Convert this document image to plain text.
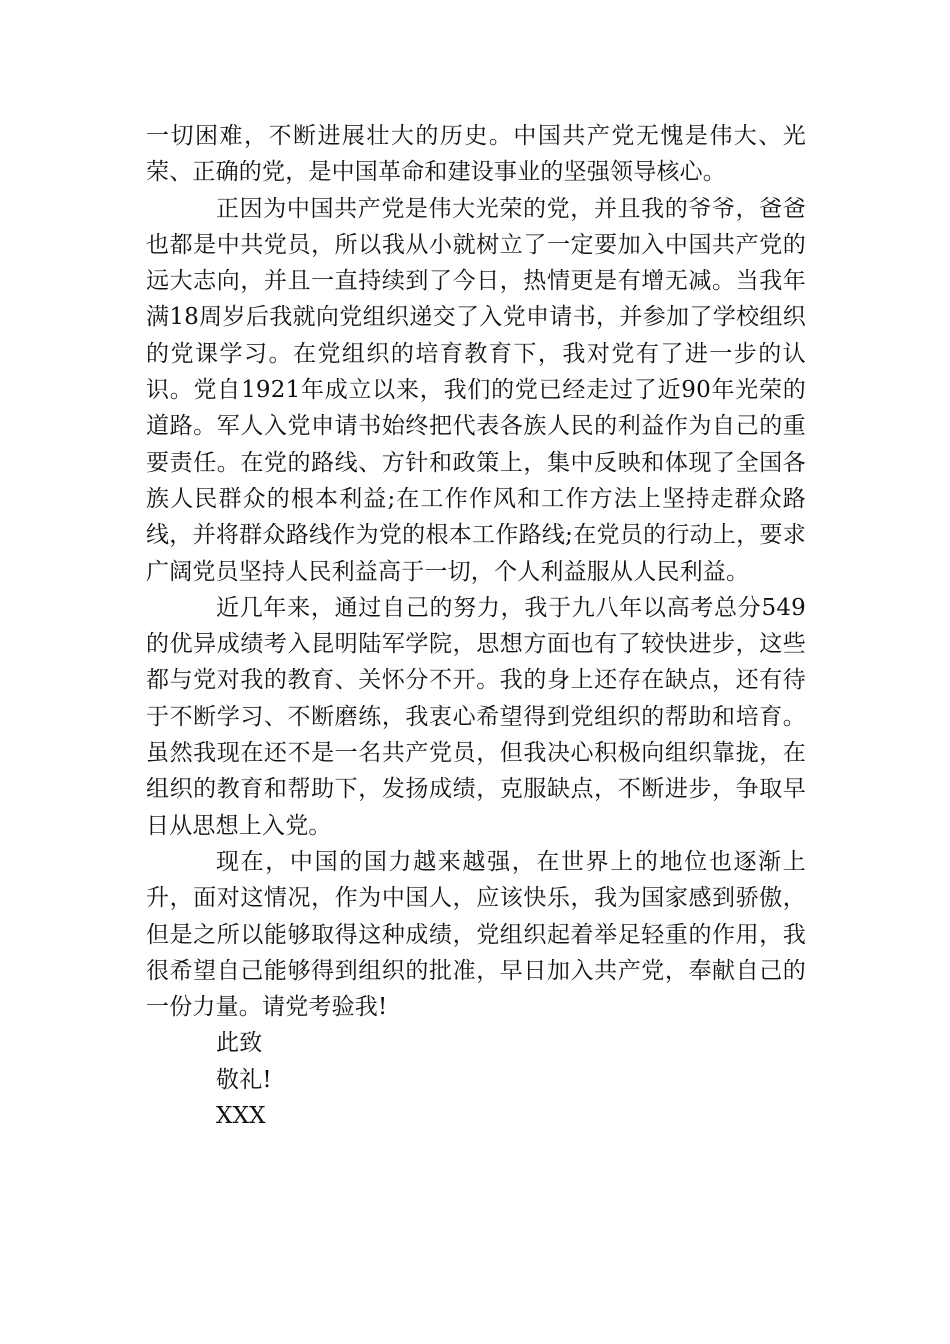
一切困难，不断进展壮大的历史。中国共产党无愧是伟大、光荣、正确的党，是中国革命和建设事业的坚强领导核心。

正因为中国共产党是伟大光荣的党，并且我的爷爷，爸爸也都是中共党员，所以我从小就树立了一定要加入中国共产党的远大志向，并且一直持续到了今日，热情更是有增无减。当我年满18周岁后我就向党组织递交了入党申请书，并参加了学校组织的党课学习。在党组织的培育教育下，我对党有了进一步的认识。党自1921年成立以来，我们的党已经走过了近90年光荣的道路。军人入党申请书始终把代表各族人民的利益作为自己的重要责任。在党的路线、方针和政策上，集中反映和体现了全国各族人民群众的根本利益;在工作作风和工作方法上坚持走群众路线，并将群众路线作为党的根本工作路线;在党员的行动上，要求广阔党员坚持人民利益高于一切，个人利益服从人民利益。

近几年来，通过自己的努力，我于九八年以高考总分549的优异成绩考入昆明陆军学院，思想方面也有了较快进步，这些都与党对我的教育、关怀分不开。我的身上还存在缺点，还有待于不断学习、不断磨练，我衷心希望得到党组织的帮助和培育。虽然我现在还不是一名共产党员，但我决心积极向组织靠拢，在组织的教育和帮助下，发扬成绩，克服缺点，不断进步，争取早日从思想上入党。

现在，中国的国力越来越强，在世界上的地位也逐渐上升，面对这情况，作为中国人，应该快乐，我为国家感到骄傲，但是之所以能够取得这种成绩，党组织起着举足轻重的作用，我很希望自己能够得到组织的批准，早日加入共产党，奉献自己的一份力量。请党考验我!

此致

敬礼!

XXX
